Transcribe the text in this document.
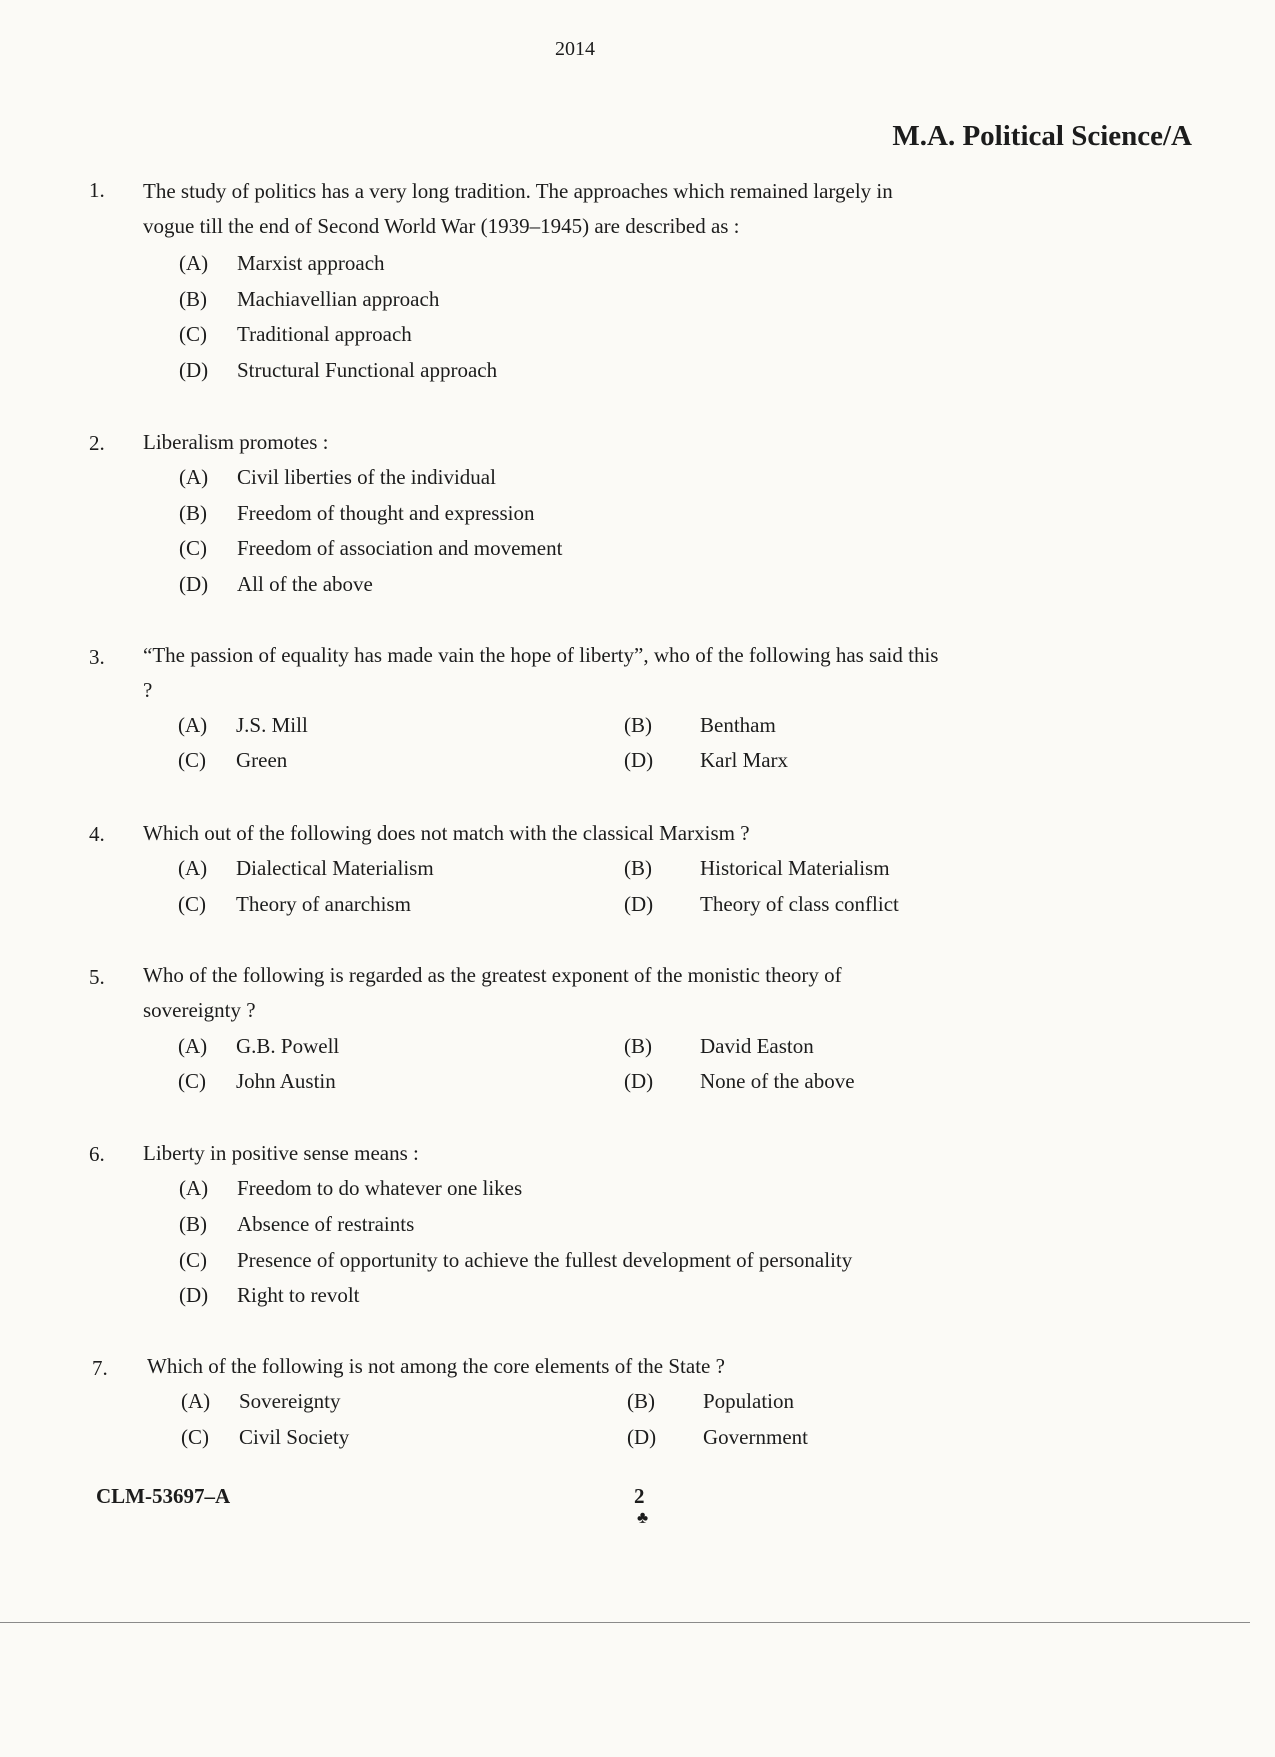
2014
M.A. Political Science/A
1. The study of politics has a very long tradition. The approaches which remained largely in vogue till the end of Second World War (1939–1945) are described as :
(A) Marxist approach
(B) Machiavellian approach
(C) Traditional approach
(D) Structural Functional approach
2. Liberalism promotes :
(A) Civil liberties of the individual
(B) Freedom of thought and expression
(C) Freedom of association and movement
(D) All of the above
3. “The passion of equality has made vain the hope of liberty”, who of the following has said this ?
(A) J.S. Mill	(B) Bentham
(C) Green	(D) Karl Marx
4. Which out of the following does not match with the classical Marxism ?
(A) Dialectical Materialism	(B) Historical Materialism
(C) Theory of anarchism	(D) Theory of class conflict
5. Who of the following is regarded as the greatest exponent of the monistic theory of sovereignty ?
(A) G.B. Powell	(B) David Easton
(C) John Austin	(D) None of the above
6. Liberty in positive sense means :
(A) Freedom to do whatever one likes
(B) Absence of restraints
(C) Presence of opportunity to achieve the fullest development of personality
(D) Right to revolt
7. Which of the following is not among the core elements of the State ?
(A) Sovereignty	(B) Population
(C) Civil Society	(D) Government
CLM-53697–A	2
♣
